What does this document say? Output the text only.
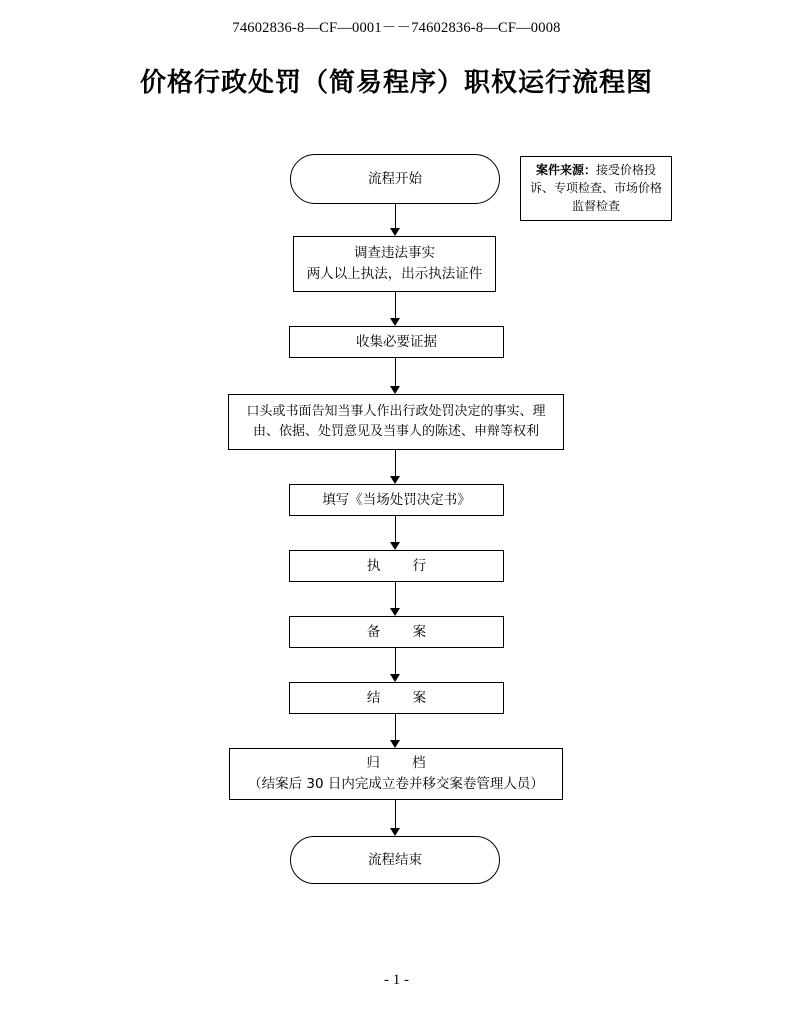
74602836-8—CF—0001－－74602836-8—CF—0008
价格行政处罚（简易程序）职权运行流程图
流程开始
案件来源：接受价格投诉、专项检查、市场价格监督检查
调查违法事实
两人以上执法，出示执法证件
收集必要证据
口头或书面告知当事人作出行政处罚决定的事实、理
由、依据、处罚意见及当事人的陈述、申辩等权利
填写《当场处罚决定书》
执 行
备 案
结 案
归 档
（结案后 30 日内完成立卷并移交案卷管理人员）
流程结束
- 1 -
